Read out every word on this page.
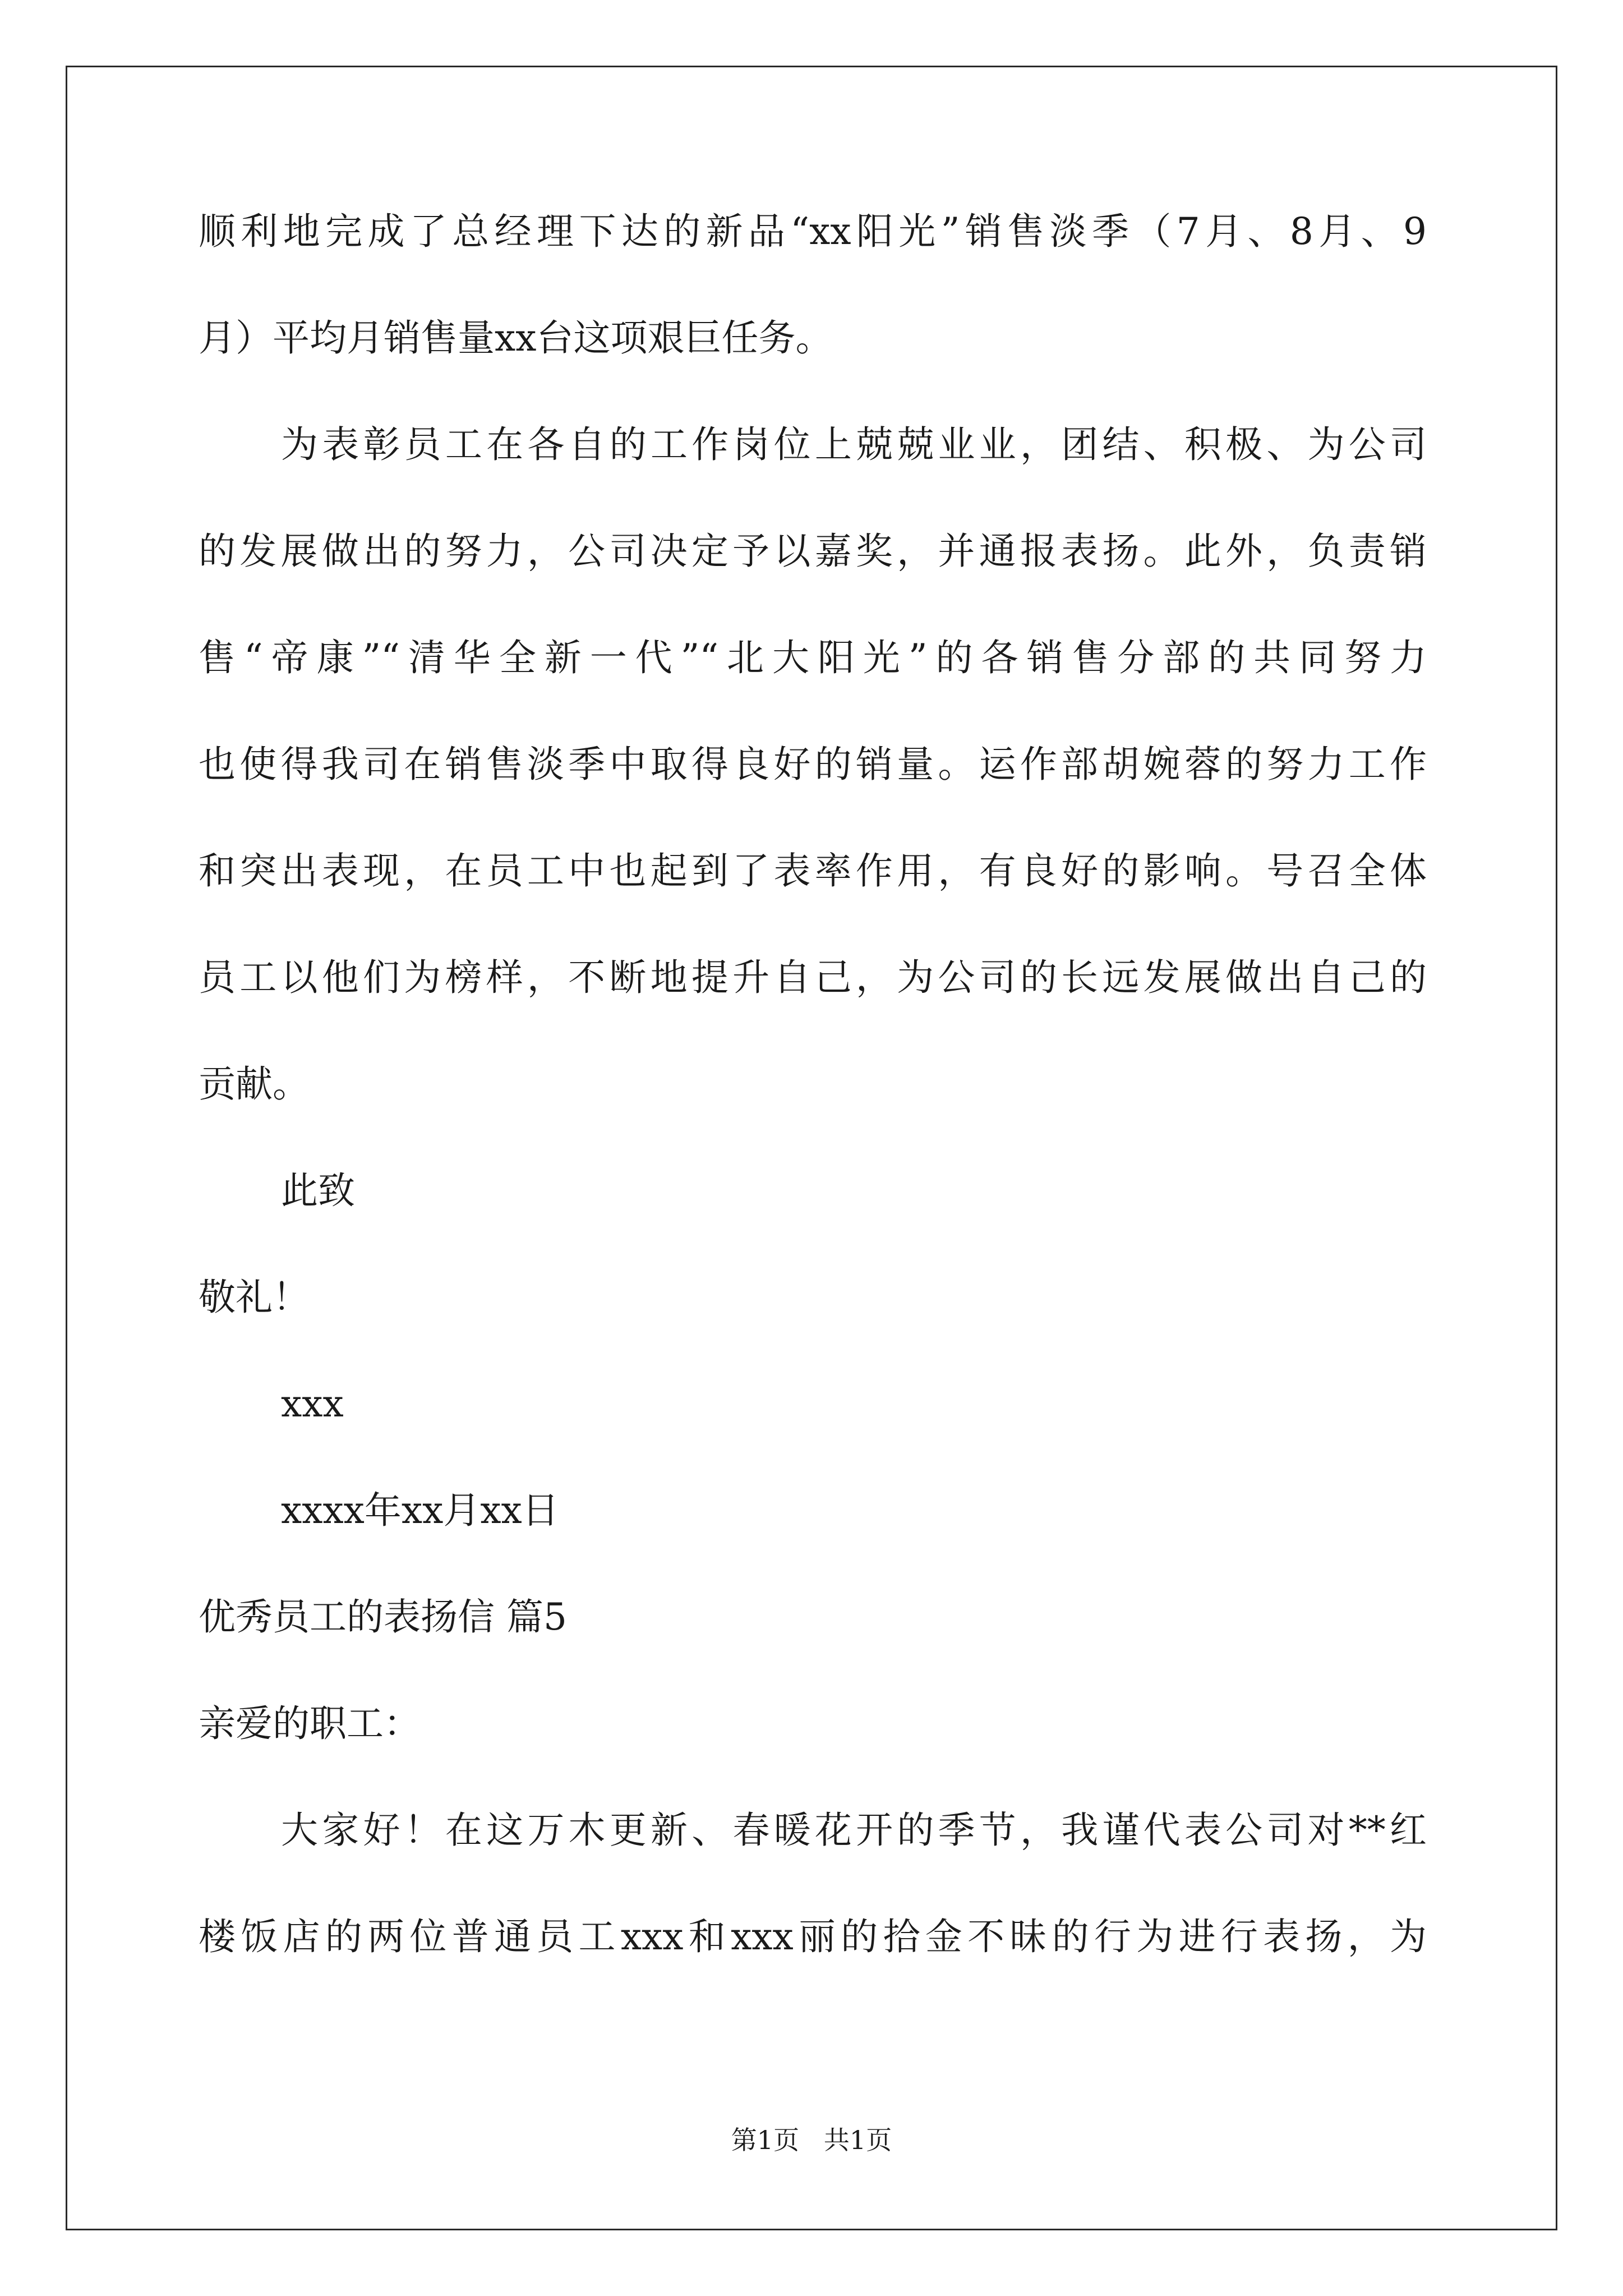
顺利地完成了总经理下达的新品“xx阳光”销售淡季（7月、8月、9
月）平均月销售量xx台这项艰巨任务。
为表彰员工在各自的工作岗位上兢兢业业，团结、积极、为公司
的发展做出的努力，公司决定予以嘉奖，并通报表扬。此外，负责销
售“帝康”“清华全新一代”“北大阳光”的各销售分部的共同努力
也使得我司在销售淡季中取得良好的销量。运作部胡婉蓉的努力工作
和突出表现，在员工中也起到了表率作用，有良好的影响。号召全体
员工以他们为榜样，不断地提升自己，为公司的长远发展做出自己的
贡献。
此致
敬礼！
xxx
xxxx年xx月xx日
优秀员工的表扬信 篇5
亲爱的职工：
大家好！在这万木更新、春暖花开的季节，我谨代表公司对**红
楼饭店的两位普通员工xxx和xxx丽的拾金不昧的行为进行表扬，为
第1页   共1页
